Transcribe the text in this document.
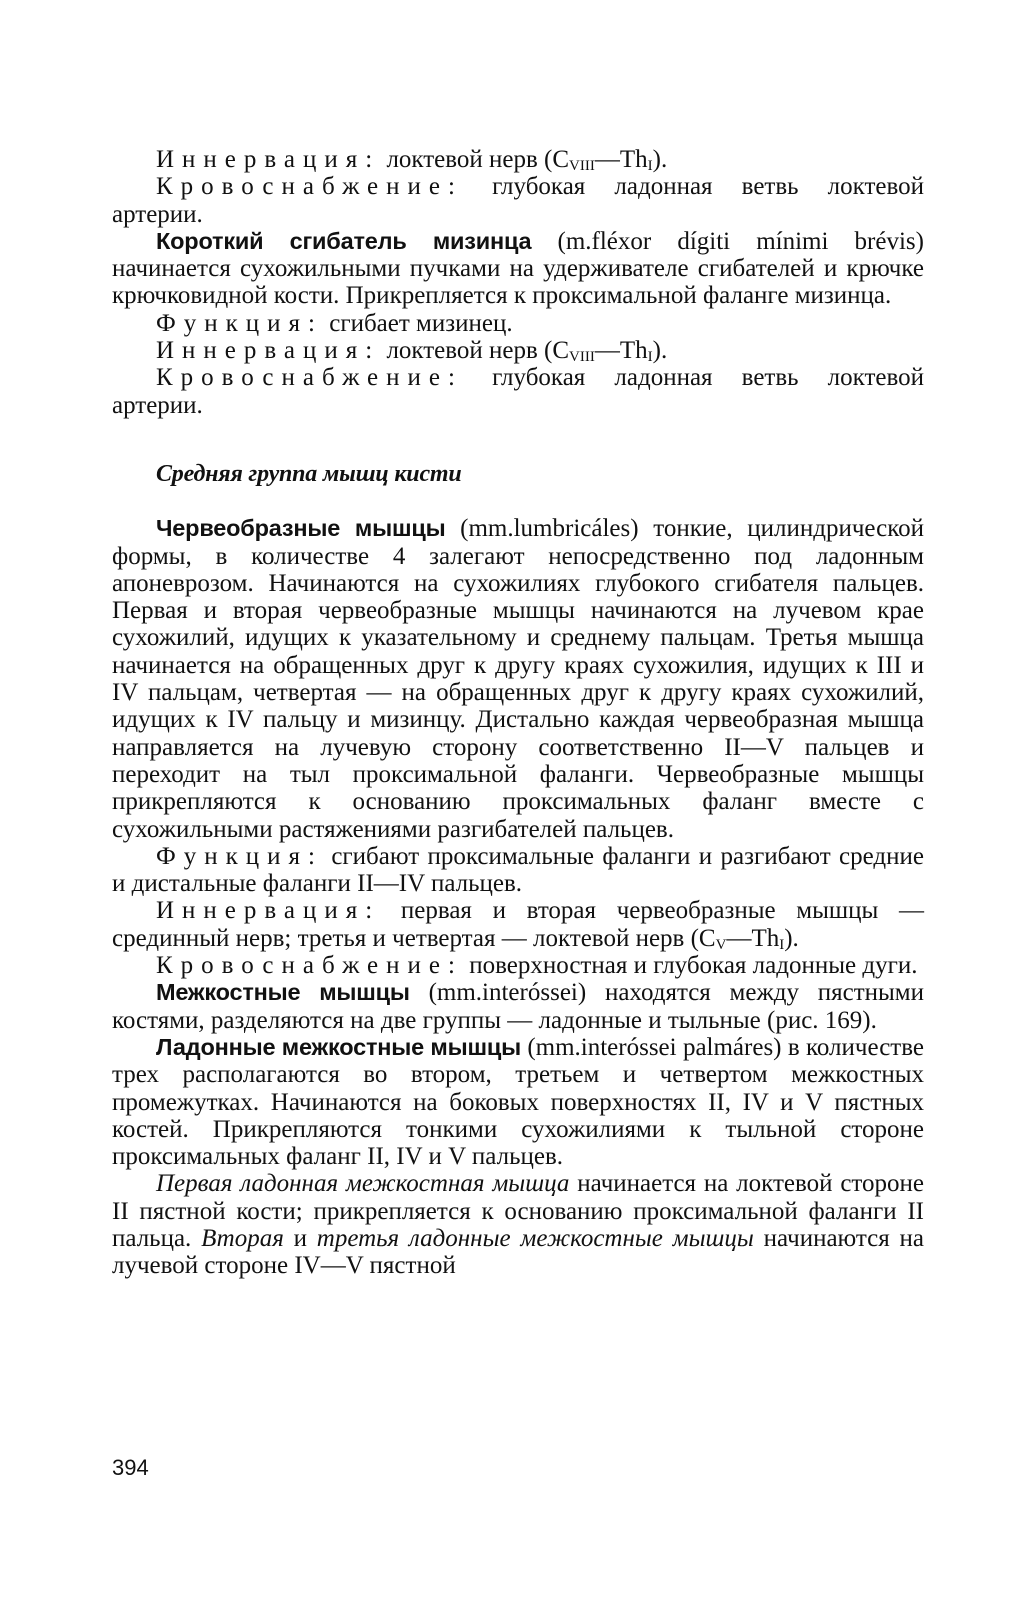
Иннервация: локтевой нерв $(C_{VIII}—Th_I)$.

Кровоснабжение: глубокая ладонная ветвь локтевой артерии.

Короткий сгибатель мизинца (m.fléxor dígiti mínimi brévis) начинается сухожильными пучками на удерживателе сгибателей и крючке крючковидной кости. Прикрепляется к проксимальной фаланге мизинца.

Функция: сгибает мизинец.

Иннервация: локтевой нерв $(C_{VIII}—Th_I)$.

Кровоснабжение: глубокая ладонная ветвь локтевой артерии.

Средняя группа мышц кисти

Червеобразные мышцы (mm.lumbricáles) тонкие, цилиндрической формы, в количестве 4 залегают непосредственно под ладонным апоневрозом. Начинаются на сухожилиях глубокого сгибателя пальцев. Первая и вторая червеобразные мышцы начинаются на лучевом крае сухожилий, идущих к указательному и среднему пальцам. Третья мышца начинается на обращенных друг к другу краях сухожилия, идущих к III и IV пальцам, четвертая — на обращенных друг к другу краях сухожилий, идущих к IV пальцу и мизинцу. Дистально каждая червеобразная мышца направляется на лучевую сторону соответственно II—V пальцев и переходит на тыл проксимальной фаланги. Червеобразные мышцы прикрепляются к основанию проксимальных фаланг вместе с сухожильными растяжениями разгибателей пальцев.

Функция: сгибают проксимальные фаланги и разгибают средние и дистальные фаланги II—IV пальцев.

Иннервация: первая и вторая червеобразные мышцы — срединный нерв; третья и четвертая — локтевой нерв $(C_V—Th_I)$.

Кровоснабжение: поверхностная и глубокая ладонные дуги.

Межкостные мышцы (mm.interóssei) находятся между пястными костями, разделяются на две группы — ладонные и тыльные (рис. 169).

Ладонные межкостные мышцы (mm.interóssei palmáres) в количестве трех располагаются во втором, третьем и четвертом межкостных промежутках. Начинаются на боковых поверхностях II, IV и V пястных костей. Прикрепляются тонкими сухожилиями к тыльной стороне проксимальных фаланг II, IV и V пальцев.

Первая ладонная межкостная мышца начинается на локтевой стороне II пястной кости; прикрепляется к основанию проксимальной фаланги II пальца. Вторая и третья ладонные межкостные мышцы начинаются на лучевой стороне IV—V пястной

394
